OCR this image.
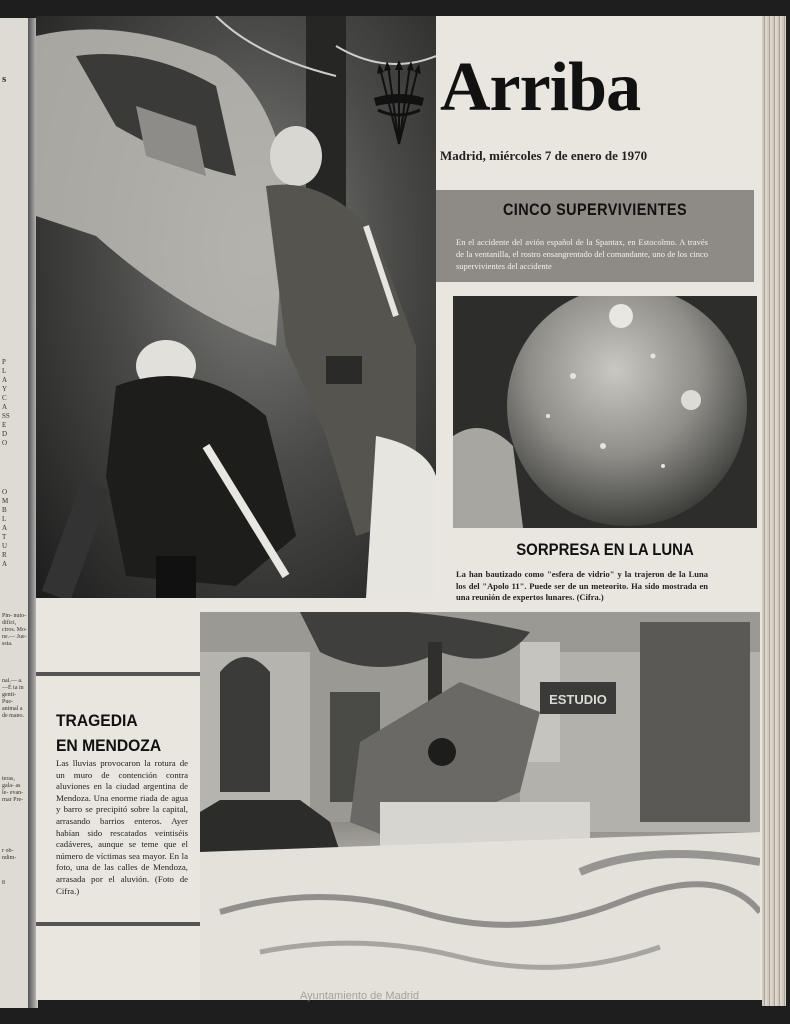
s
PLAYCASSEDO
OMBLAT URA
Pin- nuto- difici, ctros. Mo- ne.— Jue- ssta.
nal.— a.—É ta in genti- Pue- animal a de mano.
teras, gala- as le- evan- rnar Pre-
r ob- ndim-
8
Arriba
Madrid, miércoles 7 de enero de 1970
CINCO SUPERVIVIENTES
En el accidente del avión español de la Spantax, en Estocolmo. A través de la ventanilla, el rostro ensangrentado del comandante, uno de los cinco supervivientes del accidente
SORPRESA EN LA LUNA
La han bautizado como "esfera de vidrio" y la trajeron de la Luna los del "Apolo 11". Puede ser de un meteorito. Ha sido mostrada en una reunión de expertos lunares. (Cifra.)
TRAGEDIA
EN MENDOZA
Las lluvias provocaron la rotura de un muro de contención contra aluviones en la ciudad argentina de Mendoza. Una enorme riada de agua y barro se precipitó sobre la capital, arrasando barrios enteros. Ayer habían sido rescatados veintiséis cadáveres, aunque se teme que el número de víctimas sea mayor. En la foto, una de las calles de Mendoza, arrasada por el aluvión. (Foto de Cifra.)
ESTUDIO
Ayuntamiento de Madrid
